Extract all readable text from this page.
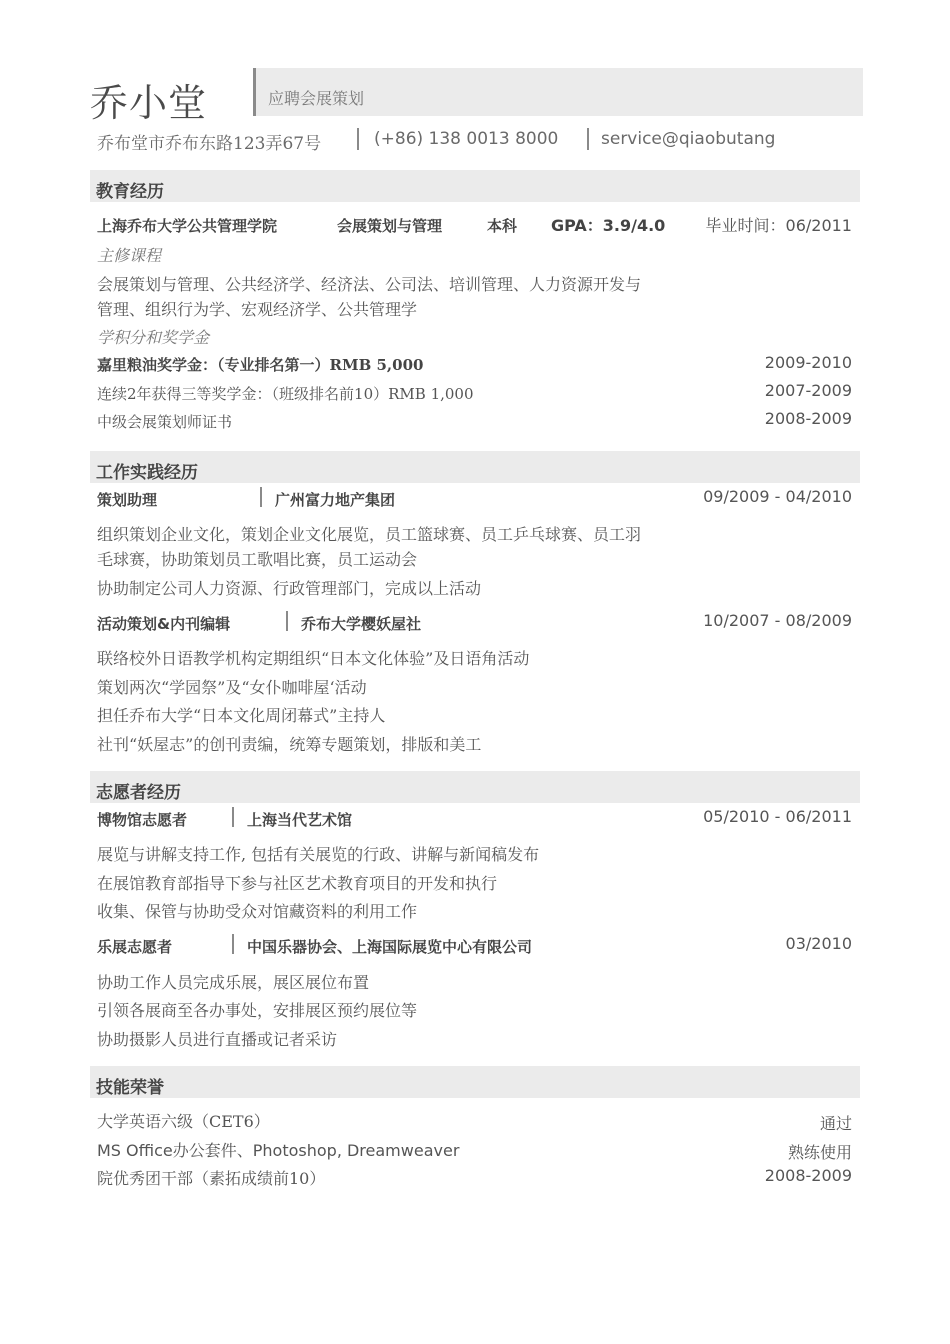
乔小堂	应聘会展策划
乔布堂市乔布东路123弄67号	(+86) 138 0013 8000	service@qiaobutang
教育经历
上海乔布大学公共管理学院	会展策划与管理	本科 GPA：3.9/4.0	毕业时间：06/2011
主修课程
会展策划与管理、公共经济学、经济法、公司法、培训管理、人力资源开发与
管理、组织行为学、宏观经济学、公共管理学
学积分和奖学金
嘉里粮油奖学金：（专业排名第一）RMB 5,000	2009-2010
连续2年获得三等奖学金：（班级排名前10）RMB 1,000	2007-2009
中级会展策划师证书	2008-2009
工作实践经历
策划助理	广州富力地产集团	09/2009 - 04/2010
组织策划企业文化，策划企业文化展览，员工篮球赛、员工乒乓球赛、员工羽
毛球赛，协助策划员工歌唱比赛，员工运动会
协助制定公司人力资源、行政管理部门，完成以上活动
活动策划&内刊编辑	乔布大学樱妖屋社	10/2007 - 08/2009
联络校外日语教学机构定期组织“日本文化体验”及日语角活动
策划两次“学园祭”及“女仆咖啡屋‘活动
担任乔布大学“日本文化周闭幕式”主持人
社刊“妖屋志”的创刊责编，统筹专题策划，排版和美工
志愿者经历
博物馆志愿者	上海当代艺术馆	05/2010 - 06/2011
展览与讲解支持工作, 包括有关展览的行政、讲解与新闻稿发布
在展馆教育部指导下参与社区艺术教育项目的开发和执行
收集、保管与协助受众对馆藏资料的利用工作
乐展志愿者	中国乐器协会、上海国际展览中心有限公司	03/2010
协助工作人员完成乐展，展区展位布置
引领各展商至各办事处，安排展区预约展位等
协助摄影人员进行直播或记者采访
技能荣誉
大学英语六级（CET6）	通过
MS Office办公套件、Photoshop, Dreamweaver	熟练使用
院优秀团干部（素拓成绩前10）	2008-2009
